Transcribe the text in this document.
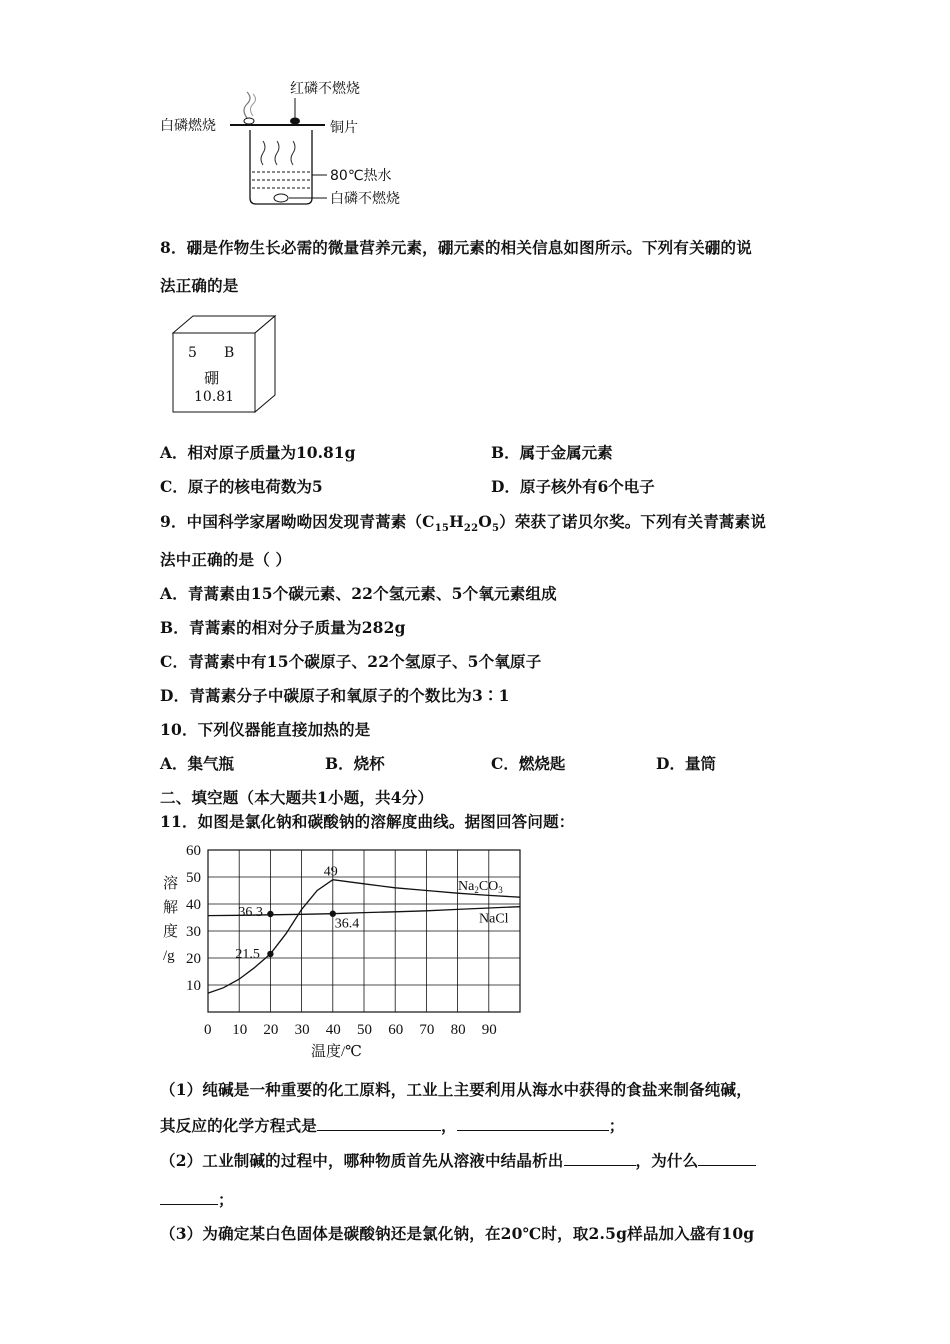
红磷不燃烧
白磷燃烧	铜片
80℃热水
白磷不燃烧
8．硼是作物生长必需的微量营养元素，硼元素的相关信息如图所示。下列有关硼的说
法正确的是
5 B
硼
10.81
A．相对原子质量为10.81g	B．属于金属元素
C．原子的核电荷数为5	D．原子核外有6个电子
9．中国科学家屠呦呦因发现青蒿素$(C_{15}H_{22}O_5)$荣获了诺贝尔奖。下列有关青蒿素说
法中正确的是（ ）
A．青蒿素由15个碳元素、22个氢元素、5个氧元素组成
B．青蒿素的相对分子质量为282g
C．青蒿素中有15个碳原子、22个氢原子、5个氧原子
D．青蒿素分子中碳原子和氧原子的个数比为3∶1
10．下列仪器能直接加热的是
A．集气瓶	B．烧杯	C．燃烧匙	D．量筒
二、填空题（本大题共1小题，共4分）
11．如图是氯化钠和碳酸钠的溶解度曲线。据图回答问题：
0 10 20 30 40 50 60 70 80 90
10
20
30
40
50
60
溶
解
度
/g
温度/℃
$Na_2CO_3$
NaCl
49
36.3
36.4
21.5
（1）纯碱是一种重要的化工原料，工业上主要利用从海水中获得的食盐来制备纯碱，
其反应的化学方程式是	，	；
（2）工业制碱的过程中，哪种物质首先从溶液中结晶析出	，为什么
；
（3）为确定某白色固体是碳酸钠还是氯化钠，在20℃时，取2.5g样品加入盛有10g
